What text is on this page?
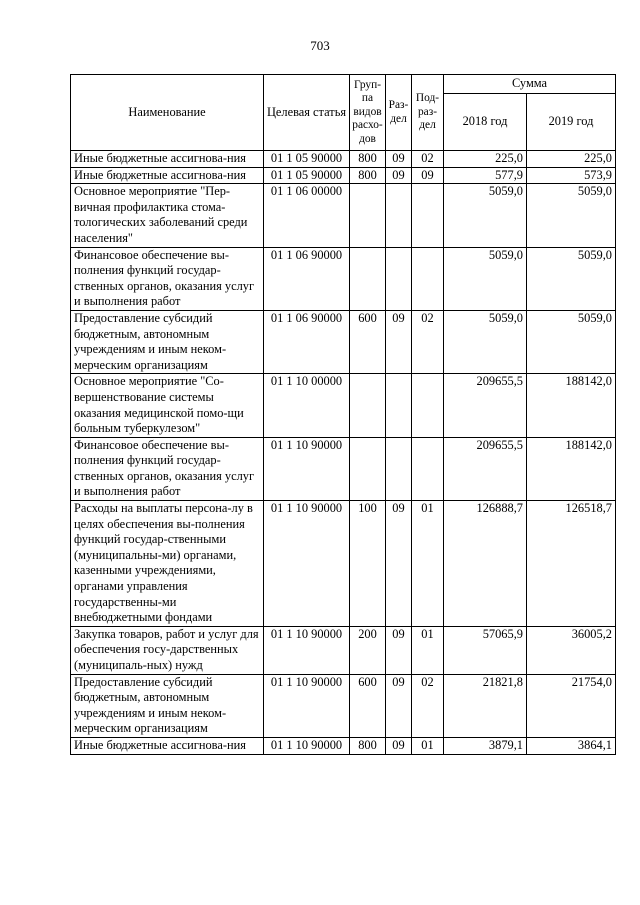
703
Наименование	Целевая статья	Груп-па видов расхо-дов	Раз-дел	Под-раз-дел	Сумма	
					2018 год	2019 год
Иные бюджетные ассигнова-ния	01 1 05 90000	800	09	02	225,0	225,0
Иные бюджетные ассигнова-ния	01 1 05 90000	800	09	09	577,9	573,9
Основное мероприятие "Пер-вичная профилактика стома-тологических заболеваний среди населения"	01 1 06 00000				5059,0	5059,0
Финансовое обеспечение вы-полнения функций государ-ственных органов, оказания услуг и выполнения работ	01 1 06 90000				5059,0	5059,0
Предоставление субсидий бюджетным, автономным учреждениям и иным неком-мерческим организациям	01 1 06 90000	600	09	02	5059,0	5059,0
Основное мероприятие "Со-вершенствование системы оказания медицинской помо-щи больным туберкулезом"	01 1 10 00000				209655,5	188142,0
Финансовое обеспечение вы-полнения функций государ-ственных органов, оказания услуг и выполнения работ	01 1 10 90000				209655,5	188142,0
Расходы на выплаты персона-лу в целях обеспечения вы-полнения функций государ-ственными (муниципальны-ми) органами, казенными учреждениями, органами управления государственны-ми внебюджетными фондами	01 1 10 90000	100	09	01	126888,7	126518,7
Закупка товаров, работ и услуг для обеспечения госу-дарственных (муниципаль-ных) нужд	01 1 10 90000	200	09	01	57065,9	36005,2
Предоставление субсидий бюджетным, автономным учреждениям и иным неком-мерческим организациям	01 1 10 90000	600	09	02	21821,8	21754,0
Иные бюджетные ассигнова-ния	01 1 10 90000	800	09	01	3879,1	3864,1
